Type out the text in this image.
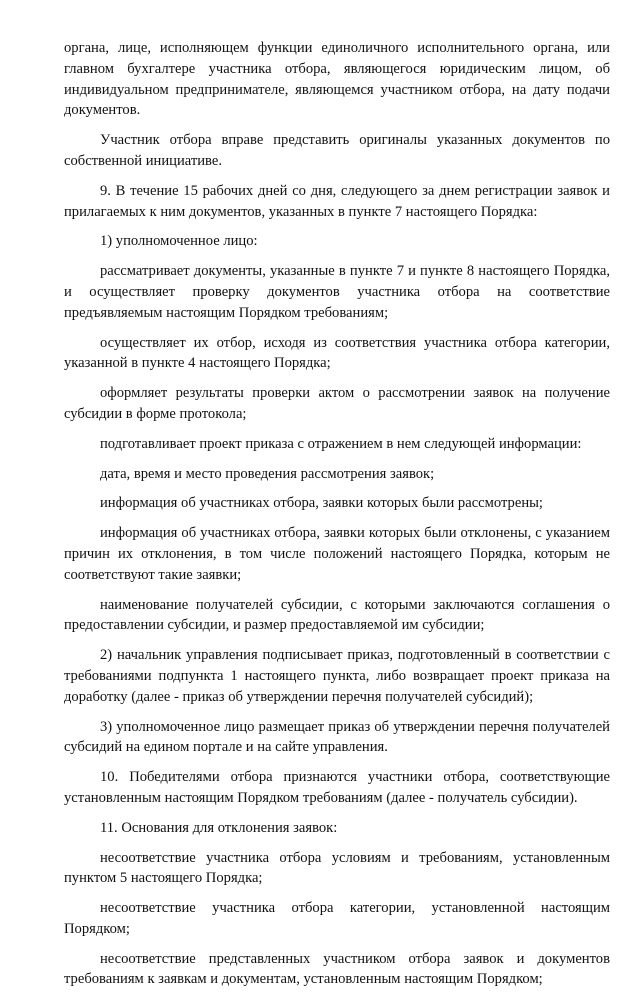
органа, лице, исполняющем функции единоличного исполнительного органа, или главном бухгалтере участника отбора, являющегося юридическим лицом, об индивидуальном предпринимателе, являющемся участником отбора, на дату подачи документов.

Участник отбора вправе представить оригиналы указанных документов по собственной инициативе.

9. В течение 15 рабочих дней со дня, следующего за днем регистрации заявок и прилагаемых к ним документов, указанных в пункте 7 настоящего Порядка:

1) уполномоченное лицо:

рассматривает документы, указанные в пункте 7 и пункте 8 настоящего Порядка, и осуществляет проверку документов участника отбора на соответствие предъявляемым настоящим Порядком требованиям;

осуществляет их отбор, исходя из соответствия участника отбора категории, указанной в пункте 4 настоящего Порядка;

оформляет результаты проверки актом о рассмотрении заявок на получение субсидии в форме протокола;

подготавливает проект приказа с отражением в нем следующей информации:

дата, время и место проведения рассмотрения заявок;

информация об участниках отбора, заявки которых были рассмотрены;

информация об участниках отбора, заявки которых были отклонены, с указанием причин их отклонения, в том числе положений настоящего Порядка, которым не соответствуют такие заявки;

наименование получателей субсидии, с которыми заключаются соглашения о предоставлении субсидии, и размер предоставляемой им субсидии;

2) начальник управления подписывает приказ, подготовленный в соответствии с требованиями подпункта 1 настоящего пункта, либо возвращает проект приказа на доработку (далее - приказ об утверждении перечня получателей субсидий);

3) уполномоченное лицо размещает приказ об утверждении перечня получателей субсидий на едином портале и на сайте управления.

10. Победителями отбора признаются участники отбора, соответствующие установленным настоящим Порядком требованиям (далее - получатель субсидии).

11. Основания для отклонения заявок:

несоответствие участника отбора условиям и требованиям, установленным пунктом 5 настоящего Порядка;

несоответствие участника отбора категории, установленной настоящим Порядком;

несоответствие представленных участником отбора заявок и документов требованиям к заявкам и документам, установленным настоящим Порядком;
